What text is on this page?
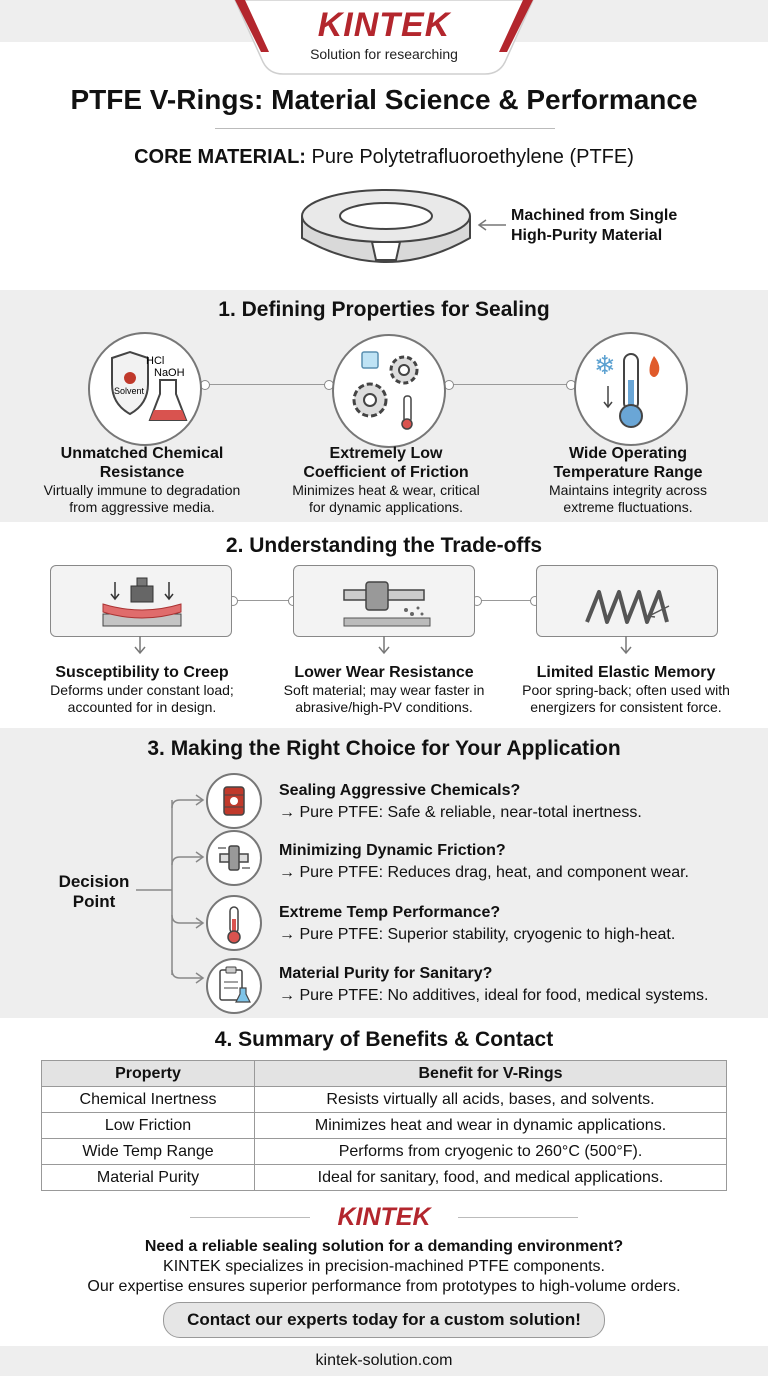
KINTEK
Solution for researching
PTFE V-Rings: Material Science & Performance
CORE MATERIAL: Pure Polytetrafluoroethylene (PTFE)
Machined from Single
High-Purity Material
1. Defining Properties for Sealing
HCl
NaOH
Solvent
❄
Unmatched Chemical
Resistance
Virtually immune to degradation
from aggressive media.
Extremely Low
Coefficient of Friction
Minimizes heat & wear, critical
for dynamic applications.
Wide Operating
Temperature Range
Maintains integrity across
extreme fluctuations.
2. Understanding the Trade-offs
Susceptibility to Creep
Deforms under constant load;
accounted for in design.
Lower Wear Resistance
Soft material; may wear faster in
abrasive/high-PV conditions.
Limited Elastic Memory
Poor spring-back; often used with
energizers for consistent force.
3. Making the Right Choice for Your Application
Decision
Point
Sealing Aggressive Chemicals?
→ Pure PTFE: Safe & reliable, near-total inertness.
Minimizing Dynamic Friction?
→ Pure PTFE: Reduces drag, heat, and component wear.
Extreme Temp Performance?
→ Pure PTFE: Superior stability, cryogenic to high-heat.
Material Purity for Sanitary?
→ Pure PTFE: No additives, ideal for food, medical systems.
4. Summary of Benefits & Contact
Property	Benefit for V-Rings
Chemical Inertness	Resists virtually all acids, bases, and solvents.
Low Friction	Minimizes heat and wear in dynamic applications.
Wide Temp Range	Performs from cryogenic to 260°C (500°F).
Material Purity	Ideal for sanitary, food, and medical applications.
KINTEK
Need a reliable sealing solution for a demanding environment?
KINTEK specializes in precision-machined PTFE components.
Our expertise ensures superior performance from prototypes to high-volume orders.
Contact our experts today for a custom solution!
kintek-solution.com
